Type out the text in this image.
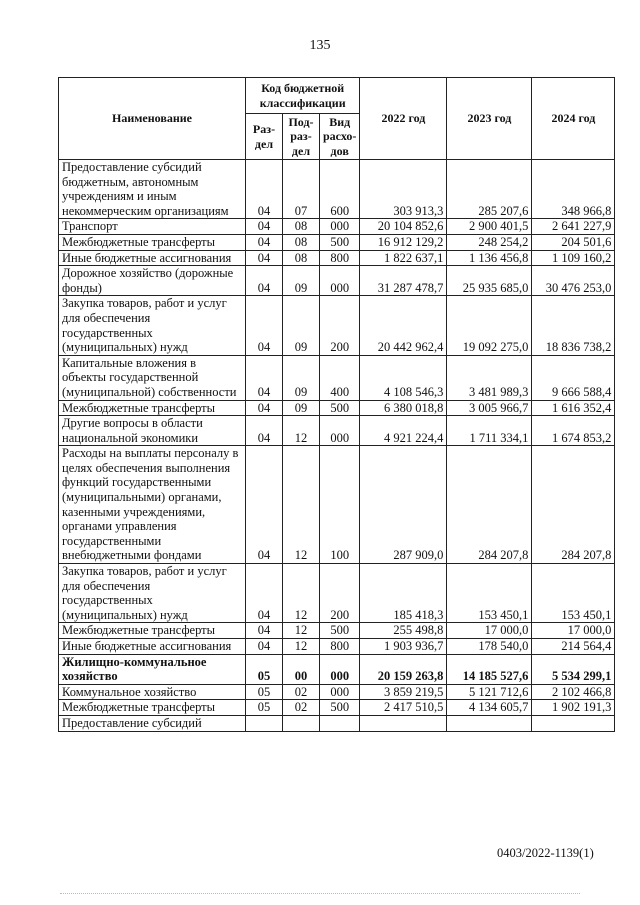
135
Наименование	Код бюджетной классификации			2022 год	2023 год	2024 год
	Раз-дел	Под-раз-дел	Вид расхо-дов			
Предоставление субсидий бюджетным, автономным учреждениям и иным некоммерческим организациям	04	07	600	303 913,3	285 207,6	348 966,8
Транспорт	04	08	000	20 104 852,6	2 900 401,5	2 641 227,9
Межбюджетные трансферты	04	08	500	16 912 129,2	248 254,2	204 501,6
Иные бюджетные ассигнования	04	08	800	1 822 637,1	1 136 456,8	1 109 160,2
Дорожное хозяйство (дорожные фонды)	04	09	000	31 287 478,7	25 935 685,0	30 476 253,0
Закупка товаров, работ и услуг для обеспечения государственных (муниципальных) нужд	04	09	200	20 442 962,4	19 092 275,0	18 836 738,2
Капитальные вложения в объекты государственной (муниципальной) собственности	04	09	400	4 108 546,3	3 481 989,3	9 666 588,4
Межбюджетные трансферты	04	09	500	6 380 018,8	3 005 966,7	1 616 352,4
Другие вопросы в области национальной экономики	04	12	000	4 921 224,4	1 711 334,1	1 674 853,2
Расходы на выплаты персоналу в целях обеспечения выполнения функций государственными (муниципальными) органами, казенными учреждениями, органами управления государственными внебюджетными фондами	04	12	100	287 909,0	284 207,8	284 207,8
Закупка товаров, работ и услуг для обеспечения государственных (муниципальных) нужд	04	12	200	185 418,3	153 450,1	153 450,1
Межбюджетные трансферты	04	12	500	255 498,8	17 000,0	17 000,0
Иные бюджетные ассигнования	04	12	800	1 903 936,7	178 540,0	214 564,4
Жилищно-коммунальное хозяйство	05	00	000	20 159 263,8	14 185 527,6	5 534 299,1
Коммунальное хозяйство	05	02	000	3 859 219,5	5 121 712,6	2 102 466,8
Межбюджетные трансферты	05	02	500	2 417 510,5	4 134 605,7	1 902 191,3
Предоставление субсидий						
0403/2022-1139(1)
